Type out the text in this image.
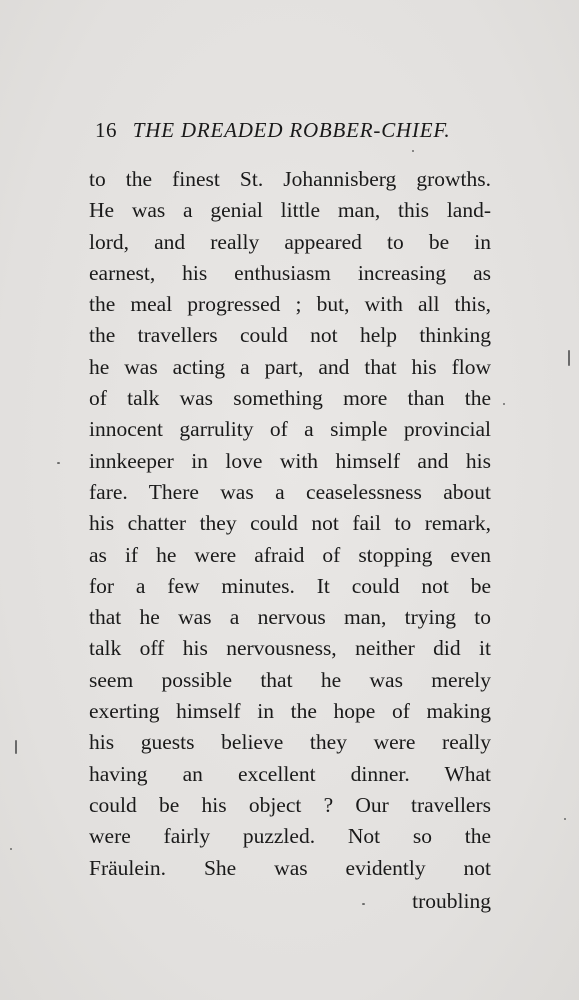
16 THE DREADED ROBBER-CHIEF.
to the finest St. Johannisberg growths.
He was a genial little man, this land-
lord, and really appeared to be in
earnest, his enthusiasm increasing as
the meal progressed ; but, with all this,
the travellers could not help thinking
he was acting a part, and that his flow
of talk was something more than the
innocent garrulity of a simple provincial
innkeeper in love with himself and his
fare. There was a ceaselessness about
his chatter they could not fail to remark,
as if he were afraid of stopping even
for a few minutes. It could not be
that he was a nervous man, trying to
talk off his nervousness, neither did it
seem possible that he was merely
exerting himself in the hope of making
his guests believe they were really
having an excellent dinner. What
could be his object ? Our travellers
were fairly puzzled. Not so the
Fräulein. She was evidently not
troubling
